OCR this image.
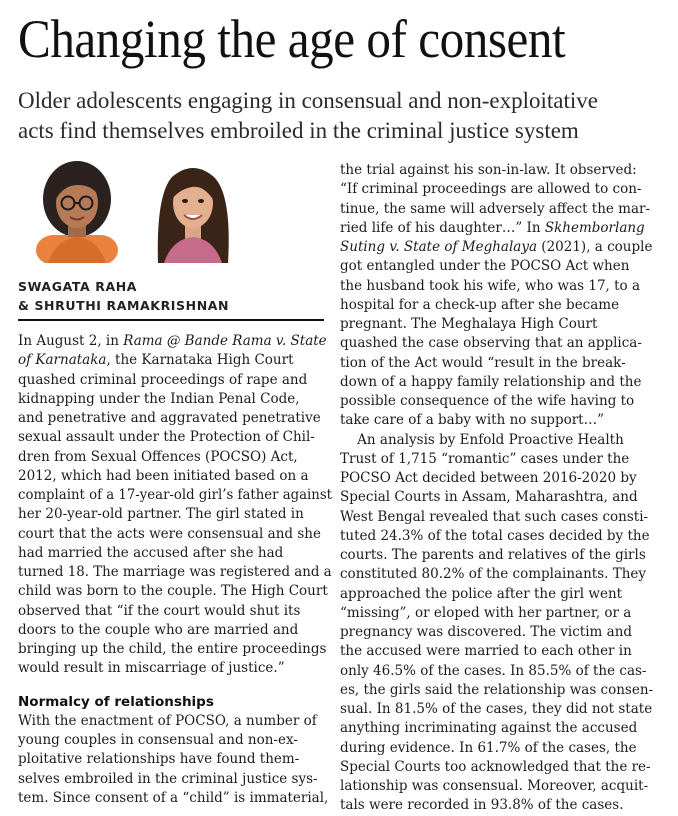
Changing the age of consent
Older adolescents engaging in consensual and non-exploitative
acts find themselves embroiled in the criminal justice system
SWAGATA RAHA
& SHRUTHI RAMAKRISHNAN
In August 2, in Rama @ Bande Rama v. State
of Karnataka, the Karnataka High Court
quashed criminal proceedings of rape and
kidnapping under the Indian Penal Code,
and penetrative and aggravated penetrative
sexual assault under the Protection of Chil-
dren from Sexual Offences (POCSO) Act,
2012, which had been initiated based on a
complaint of a 17-year-old girl’s father against
her 20-year-old partner. The girl stated in
court that the acts were consensual and she
had married the accused after she had
turned 18. The marriage was registered and a
child was born to the couple. The High Court
observed that “if the court would shut its
doors to the couple who are married and
bringing up the child, the entire proceedings
would result in miscarriage of justice.”
Normalcy of relationships
With the enactment of POCSO, a number of
young couples in consensual and non-ex-
ploitative relationships have found them-
selves embroiled in the criminal justice sys-
tem. Since consent of a “child” is immaterial,
the trial against his son-in-law. It observed:
“If criminal proceedings are allowed to con-
tinue, the same will adversely affect the mar-
ried life of his daughter…” In Skhemborlang
Suting v. State of Meghalaya (2021), a couple
got entangled under the POCSO Act when
the husband took his wife, who was 17, to a
hospital for a check-up after she became
pregnant. The Meghalaya High Court
quashed the case observing that an applica-
tion of the Act would “result in the break-
down of a happy family relationship and the
possible consequence of the wife having to
take care of a baby with no support…”
An analysis by Enfold Proactive Health
Trust of 1,715 “romantic” cases under the
POCSO Act decided between 2016-2020 by
Special Courts in Assam, Maharashtra, and
West Bengal revealed that such cases consti-
tuted 24.3% of the total cases decided by the
courts. The parents and relatives of the girls
constituted 80.2% of the complainants. They
approached the police after the girl went
“missing”, or eloped with her partner, or a
pregnancy was discovered. The victim and
the accused were married to each other in
only 46.5% of the cases. In 85.5% of the cas-
es, the girls said the relationship was consen-
sual. In 81.5% of the cases, they did not state
anything incriminating against the accused
during evidence. In 61.7% of the cases, the
Special Courts too acknowledged that the re-
lationship was consensual. Moreover, acquit-
tals were recorded in 93.8% of the cases.
